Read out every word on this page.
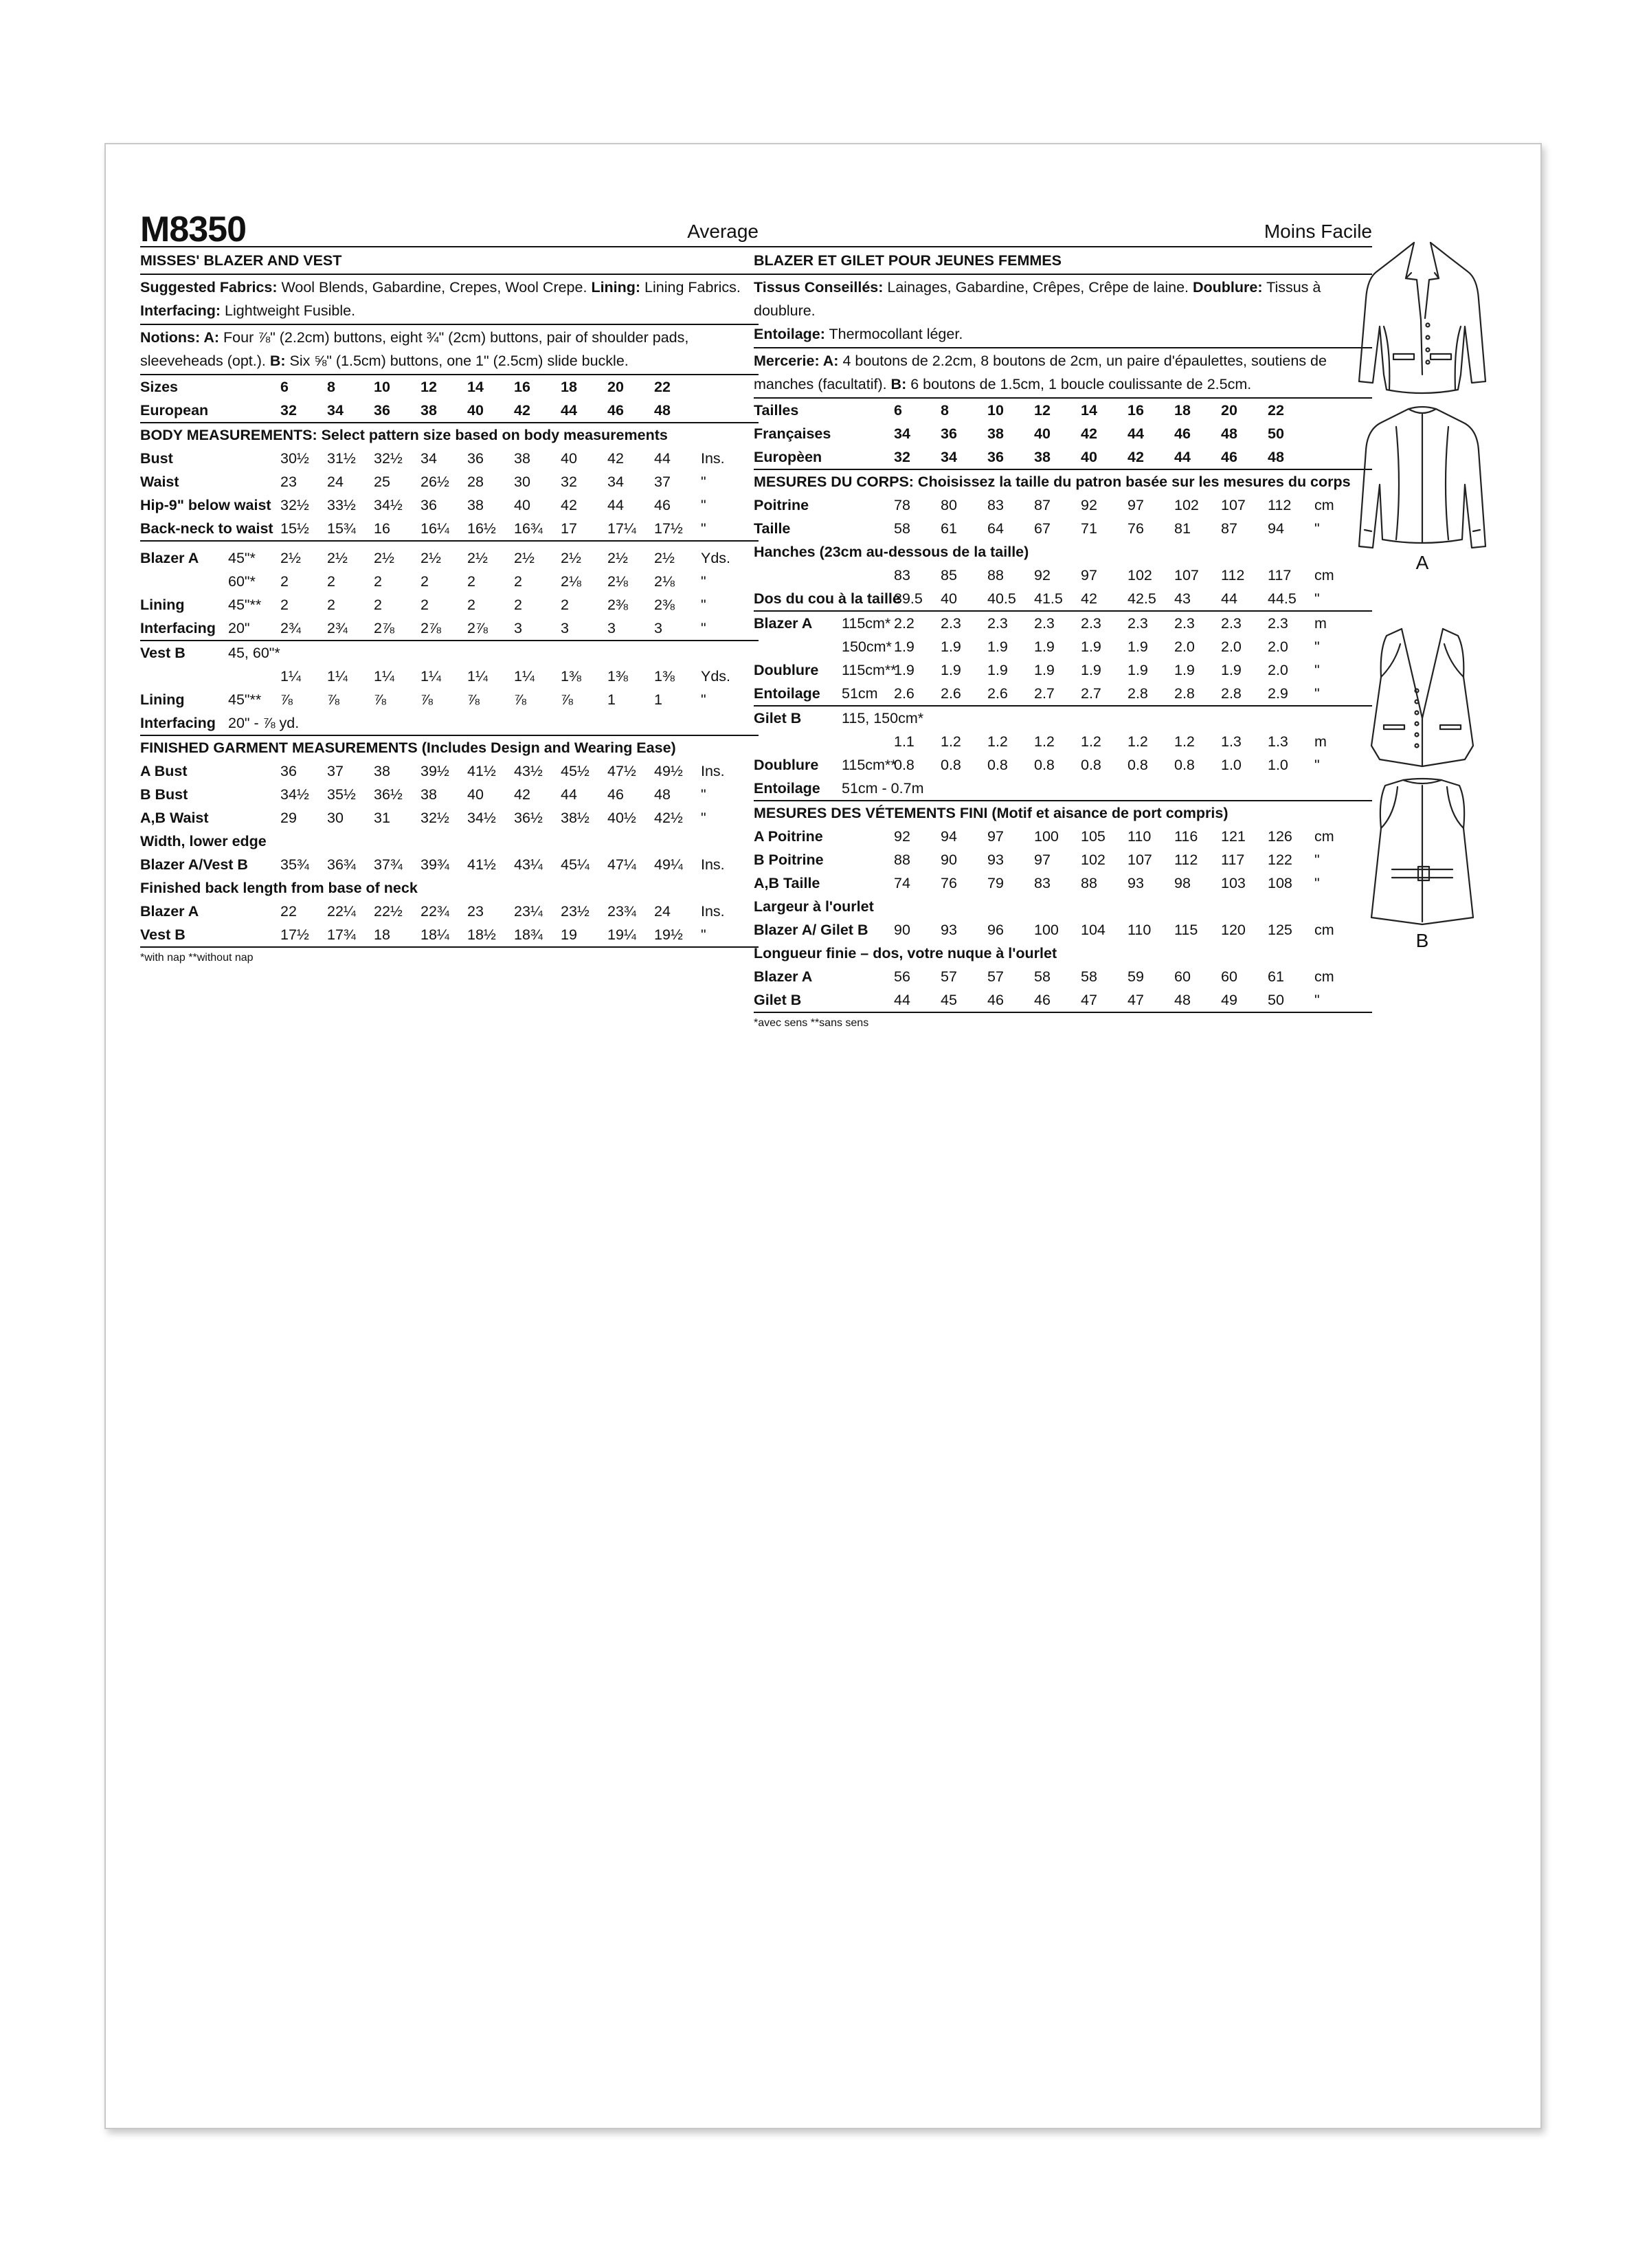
M8350	Average
MISSES' BLAZER AND VEST

Suggested Fabrics: Wool Blends, Gabardine, Crepes, Wool Crepe. Lining: Lining Fabrics.

Interfacing: Lightweight Fusible.

Notions: A: Four ⅞" (2.2cm) buttons, eight ¾" (2cm) buttons, pair of shoulder pads, sleeveheads (opt.). B: Six ⅝" (1.5cm) buttons, one 1" (2.5cm) slide buckle.

Sizes		6	8	10	12	14	16	18	20	22	
European		32	34	36	38	40	42	44	46	48	
BODY MEASUREMENTS: Select pattern size based on body measurements											
Bust		30½	31½	32½	34	36	38	40	42	44	Ins.
Waist		23	24	25	26½	28	30	32	34	37	"
Hip-9" below waist		32½	33½	34½	36	38	40	42	44	46	"
Back-neck to waist		15½	15¾	16	16¼	16½	16¾	17	17¼	17½	"

Blazer A	45"*	2½	2½	2½	2½	2½	2½	2½	2½	2½	Yds.
	60"*	2	2	2	2	2	2	2⅛	2⅛	2⅛	"
Lining	45"**	2	2	2	2	2	2	2	2⅜	2⅜	"
Interfacing	20"	2¾	2¾	2⅞	2⅞	2⅞	3	3	3	3	"
Vest B	45, 60"*										
		1¼	1¼	1¼	1¼	1¼	1¼	1⅜	1⅜	1⅜	Yds.
Lining	45"**	⅞	⅞	⅞	⅞	⅞	⅞	⅞	1	1	"
Interfacing	20" - ⅞ yd.										
FINISHED GARMENT MEASUREMENTS (Includes Design and Wearing Ease)											
A Bust		36	37	38	39½	41½	43½	45½	47½	49½	Ins.
B Bust		34½	35½	36½	38	40	42	44	46	48	"
A,B Waist		29	30	31	32½	34½	36½	38½	40½	42½	"
Width, lower edge											
Blazer A/Vest B		35¾	36¾	37¾	39¾	41½	43¼	45¼	47¼	49¼	Ins.
Finished back length from base of neck											
Blazer A		22	22¼	22½	22¾	23	23¼	23½	23¾	24	Ins.
Vest B		17½	17¾	18	18¼	18½	18¾	19	19¼	19½	"
*with nap **without nap
Moins Facile
BLAZER ET GILET POUR JEUNES FEMMES

Tissus Conseillés: Lainages, Gabardine, Crêpes, Crêpe de laine. Doublure: Tissus à doublure.

Entoilage: Thermocollant léger.

Mercerie: A: 4 boutons de 2.2cm, 8 boutons de 2cm, un paire d'épaulettes, soutiens de manches (facultatif). B: 6 boutons de 1.5cm, 1 boucle coulissante de 2.5cm.

Tailles		6	8	10	12	14	16	18	20	22	
Françaises		34	36	38	40	42	44	46	48	50	
Europèen		32	34	36	38	40	42	44	46	48	
MESURES DU CORPS: Choisissez la taille du patron basée sur les mesures du corps											
Poitrine		78	80	83	87	92	97	102	107	112	cm
Taille		58	61	64	67	71	76	81	87	94	"
Hanches (23cm au-dessous de la taille)											
		83	85	88	92	97	102	107	112	117	cm
Dos du cou à la taille		39.5	40	40.5	41.5	42	42.5	43	44	44.5	"
Blazer A	115cm*	2.2	2.3	2.3	2.3	2.3	2.3	2.3	2.3	2.3	m
	150cm*	1.9	1.9	1.9	1.9	1.9	1.9	2.0	2.0	2.0	"
Doublure	115cm**	1.9	1.9	1.9	1.9	1.9	1.9	1.9	1.9	2.0	"
Entoilage	51cm	2.6	2.6	2.6	2.7	2.7	2.8	2.8	2.8	2.9	"
Gilet B	115, 150cm*										
		1.1	1.2	1.2	1.2	1.2	1.2	1.2	1.3	1.3	m
Doublure	115cm**	0.8	0.8	0.8	0.8	0.8	0.8	0.8	1.0	1.0	"
Entoilage	51cm - 0.7m										
MESURES DES VÉTEMENTS FINI (Motif et aisance de port compris)											
A Poitrine		92	94	97	100	105	110	116	121	126	cm
B Poitrine		88	90	93	97	102	107	112	117	122	"
A,B Taille		74	76	79	83	88	93	98	103	108	"
Largeur à l'ourlet											
Blazer A/ Gilet B		90	93	96	100	104	110	115	120	125	cm
Longueur finie – dos, votre nuque à l'ourlet											
Blazer A		56	57	57	58	58	59	60	60	61	cm
Gilet B		44	45	46	46	47	47	48	49	50	"
*avec sens **sans sens
A
B
